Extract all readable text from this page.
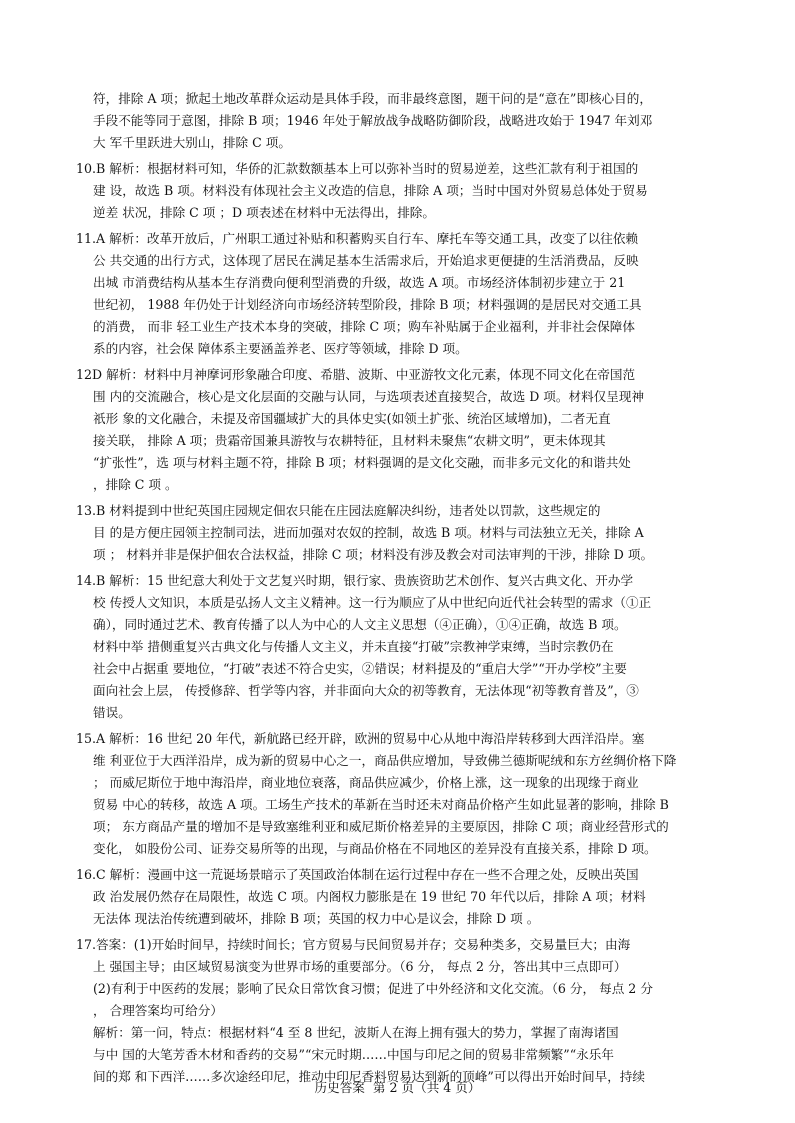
符，排除 A 项；掀起土地改革群众运动是具体手段，而非最终意图，题干问的是“意在”即核心目的，
手段不能等同于意图，排除 B 项；1946 年处于解放战争战略防御阶段，战略进攻始于 1947 年刘邓
大 军千里跃进大别山，排除 C 项。
10.B 解析：根据材料可知，华侨的汇款数额基本上可以弥补当时的贸易逆差，这些汇款有利于祖国的
建 设，故选 B 项。材料没有体现社会主义改造的信息，排除 A 项；当时中国对外贸易总体处于贸易
逆差 状况，排除 C 项 ；D 项表述在材料中无法得出，排除。
11.A 解析：改革开放后，广州职工通过补贴和积蓄购买自行车、摩托车等交通工具，改变了以往依赖
公 共交通的出行方式，这体现了居民在满足基本生活需求后，开始追求更便捷的生活消费品，反映
出城 市消费结构从基本生存消费向便利型消费的升级，故选 A 项。市场经济体制初步建立于 21
世纪初， 1988 年仍处于计划经济向市场经济转型阶段，排除 B 项；材料强调的是居民对交通工具
的消费， 而非 轻工业生产技术本身的突破，排除 C 项；购车补贴属于企业福利，并非社会保障体
系的内容，社会保 障体系主要涵盖养老、医疗等领域，排除 D 项。
12D 解析：材料中月神摩诃形象融合印度、希腊、波斯、中亚游牧文化元素，体现不同文化在帝国范
围 内的交流融合，核心是文化层面的交融与认同，与选项表述直接契合，故选 D 项。材料仅呈现神
祇形 象的文化融合，未提及帝国疆域扩大的具体史实(如领土扩张、统治区域增加)，二者无直
接关联， 排除 A 项；贵霜帝国兼具游牧与农耕特征，且材料未聚焦“农耕文明”，更未体现其
“扩张性”，选 项与材料主题不符，排除 B 项；材料强调的是文化交融，而非多元文化的和谐共处
，排除 C 项 。
13.B 材料提到中世纪英国庄园规定佃农只能在庄园法庭解决纠纷，违者处以罚款，这些规定的
目 的是方便庄园领主控制司法，进而加强对农奴的控制，故选 B 项。材料与司法独立无关，排除 A
项 ； 材料并非是保护佃农合法权益，排除 C 项；材料没有涉及教会对司法审判的干涉，排除 D 项。
14.B 解析：15 世纪意大利处于文艺复兴时期，银行家、贵族资助艺术创作、复兴古典文化、开办学
校 传授人文知识，本质是弘扬人文主义精神。这一行为顺应了从中世纪向近代社会转型的需求（①正
确），同时通过艺术、教育传播了以人为中心的人文主义思想（④正确），①④正确，故选 B 项。
材料中举 措侧重复兴古典文化与传播人文主义，并未直接“打破”宗教神学束缚，当时宗教仍在
社会中占据重 要地位，“打破”表述不符合史实，②错误；材料提及的“重启大学”“开办学校”主要
面向社会上层， 传授修辞、哲学等内容，并非面向大众的初等教育，无法体现“初等教育普及”，③
错误。
15.A 解析：16 世纪 20 年代，新航路已经开辟，欧洲的贸易中心从地中海沿岸转移到大西洋沿岸。塞
维 利亚位于大西洋沿岸，成为新的贸易中心之一，商品供应增加，导致佛兰德斯呢绒和东方丝绸价格下降
； 而威尼斯位于地中海沿岸，商业地位衰落，商品供应减少，价格上涨，这一现象的出现缘于商业
贸易 中心的转移，故选 A 项。工场生产技术的革新在当时还未对商品价格产生如此显著的影响，排除 B
项； 东方商品产量的增加不是导致塞维利亚和威尼斯价格差异的主要原因，排除 C 项；商业经营形式的
变化， 如股份公司、证券交易所等的出现，与商品价格在不同地区的差异没有直接关系，排除 D 项。
16.C 解析：漫画中这一荒诞场景暗示了英国政治体制在运行过程中存在一些不合理之处，反映出英国
政 治发展仍然存在局限性，故选 C 项。内阁权力膨胀是在 19 世纪 70 年代以后，排除 A 项；材料
无法体 现法治传统遭到破坏，排除 B 项；英国的权力中心是议会，排除 D 项 。
17.答案：(1)开始时间早，持续时间长；官方贸易与民间贸易并存；交易种类多，交易量巨大；由海
上 强国主导；由区域贸易演变为世界市场的重要部分。（6 分， 每点 2 分，答出其中三点即可）
(2)有利于中医药的发展；影响了民众日常饮食习惯；促进了中外经济和文化交流。（6 分， 每点 2 分
， 合理答案均可给分）
解析：第一问，特点：根据材料“4 至 8 世纪，波斯人在海上拥有强大的势力，掌握了南海诸国
与中 国的大笔芳香木材和香药的交易”“宋元时期……中国与印尼之间的贸易非常频繁”“永乐年
间的郑 和下西洋……多次途经印尼，推动中印尼香料贸易达到新的顶峰”可以得出开始时间早，持续
历史答案 第 2 页（共 4 页）
